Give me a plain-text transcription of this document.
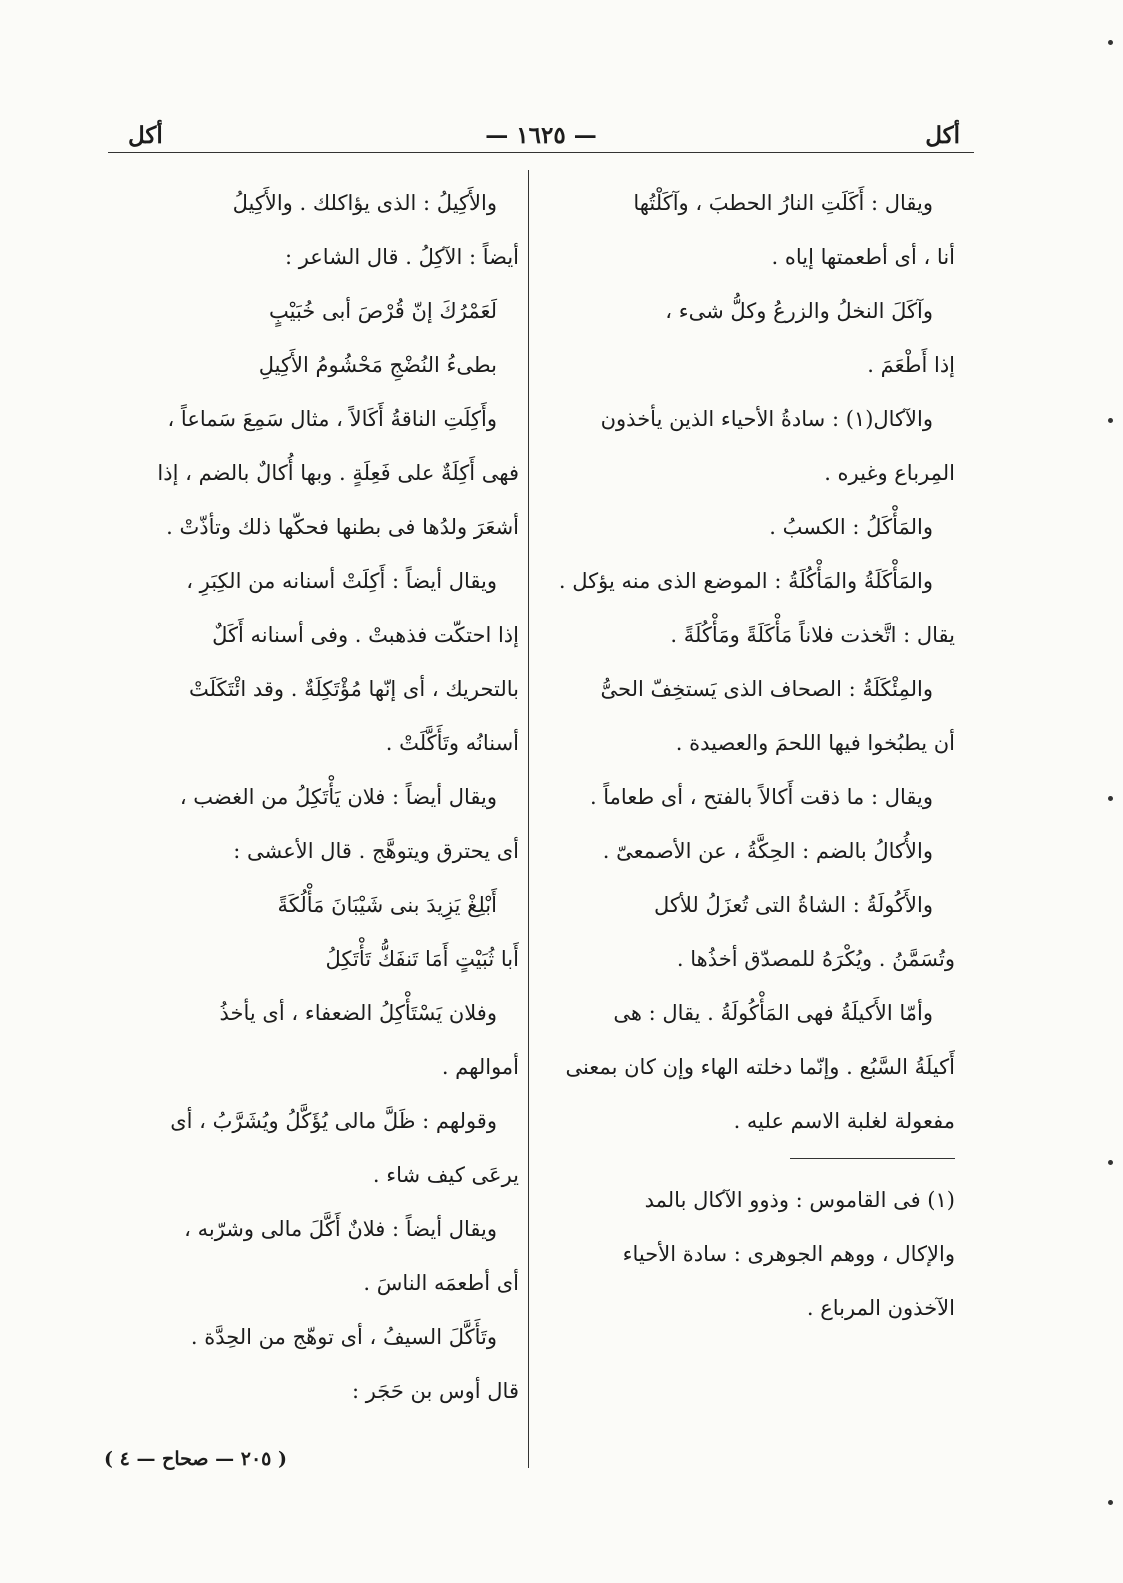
أكل
— ١٦٢٥ —
أكل
ويقال : أَكَلَتِ النارُ الحطبَ ، وآكَلْتُها
أنا ، أى أطعمتها إياه .
وآكَلَ النخلُ والزرعُ وكلُّ شىء ،
إذا أَطْعَمَ .
والآكال(١) : سادةُ الأحياء الذين يأخذون
المِرباع وغيره .
والمَأْكَلُ : الكسبُ .
والمَأْكَلَةُ والمَأْكُلَةُ : الموضع الذى منه يؤكل .
يقال : اتَّخذت فلاناً مَأْكَلَةً ومَأْكُلَةً .
والمِئْكَلَةُ : الصحاف الذى يَستخِفّ الحىُّ
أن يطبُخوا فيها اللحمَ والعصيدة .
ويقال : ما ذقت أَكالاً بالفتح ، أى طعاماً .
والأُكالُ بالضم : الحِكَّةُ ، عن الأصمعىّ .
والأَكُولَةُ : الشاةُ التى تُعزَلُ للأكل
وتُسَمَّنُ . ويُكْرَهُ للمصدّق أخذُها .
وأمّا الأَكيلَةُ فهى المَأْكُولَةُ . يقال : هى
أَكيلَةُ السَّبُع . وإنّما دخلته الهاء وإن كان بمعنى
مفعولة لغلبة الاسم عليه .
(١) فى القاموس : وذوو الآكال بالمد
والإكال ، ووهم الجوهرى : سادة الأحياء
الآخذون المرباع .
والأَكِيلُ : الذى يؤاكلك . والأَكِيلُ
أيضاً : الآكِلُ . قال الشاعر :
لَعَمْرُكَ إنّ قُرْصَ أبى خُبَيْبٍ
بطىءُ النُضْجِ مَحْشُومُ الأَكِيلِ
وأَكِلَتِ الناقةُ أَكَالاً ، مثال سَمِعَ سَماعاً ،
فهى أَكِلَةٌ على فَعِلَةٍ . وبها أُكالٌ بالضم ، إذا
أشعَرَ ولدُها فى بطنها فحكّها ذلك وتأذّتْ .
ويقال أيضاً : أَكِلَتْ أسنانه من الكِبَرِ ،
إذا احتكّت فذهبتْ . وفى أسنانه أَكَلٌ
بالتحريك ، أى إنّها مُؤْتَكِلَةٌ . وقد ائْتَكَلَتْ
أسنانُه وتَأَكَّلَتْ .
ويقال أيضاً : فلان يَأْتَكِلُ من الغضب ،
أى يحترق ويتوهَّج . قال الأعشى :
أَبْلِغْ يَزِيدَ بنى شَيْبَانَ مَأْلُكَةً
أَبا ثُبَيْتٍ أَمَا تَنفَكُّ تَأْتَكِلُ
وفلان يَسْتَأْكِلُ الضعفاء ، أى يأخذُ
أموالهم .
وقولهم : ظَلَّ مالى يُؤَكَّلُ ويُشَرَّبُ ، أى
يرعَى كيف شاء .
ويقال أيضاً : فلانٌ أَكَّلَ مالى وشرّبه ،
أى أطعمَه الناسَ .
وتَأَكَّلَ السيفُ ، أى توهّج من الحِدَّة .
قال أوس بن حَجَر :
( ٢٠٥ — صحاح — ٤ )
